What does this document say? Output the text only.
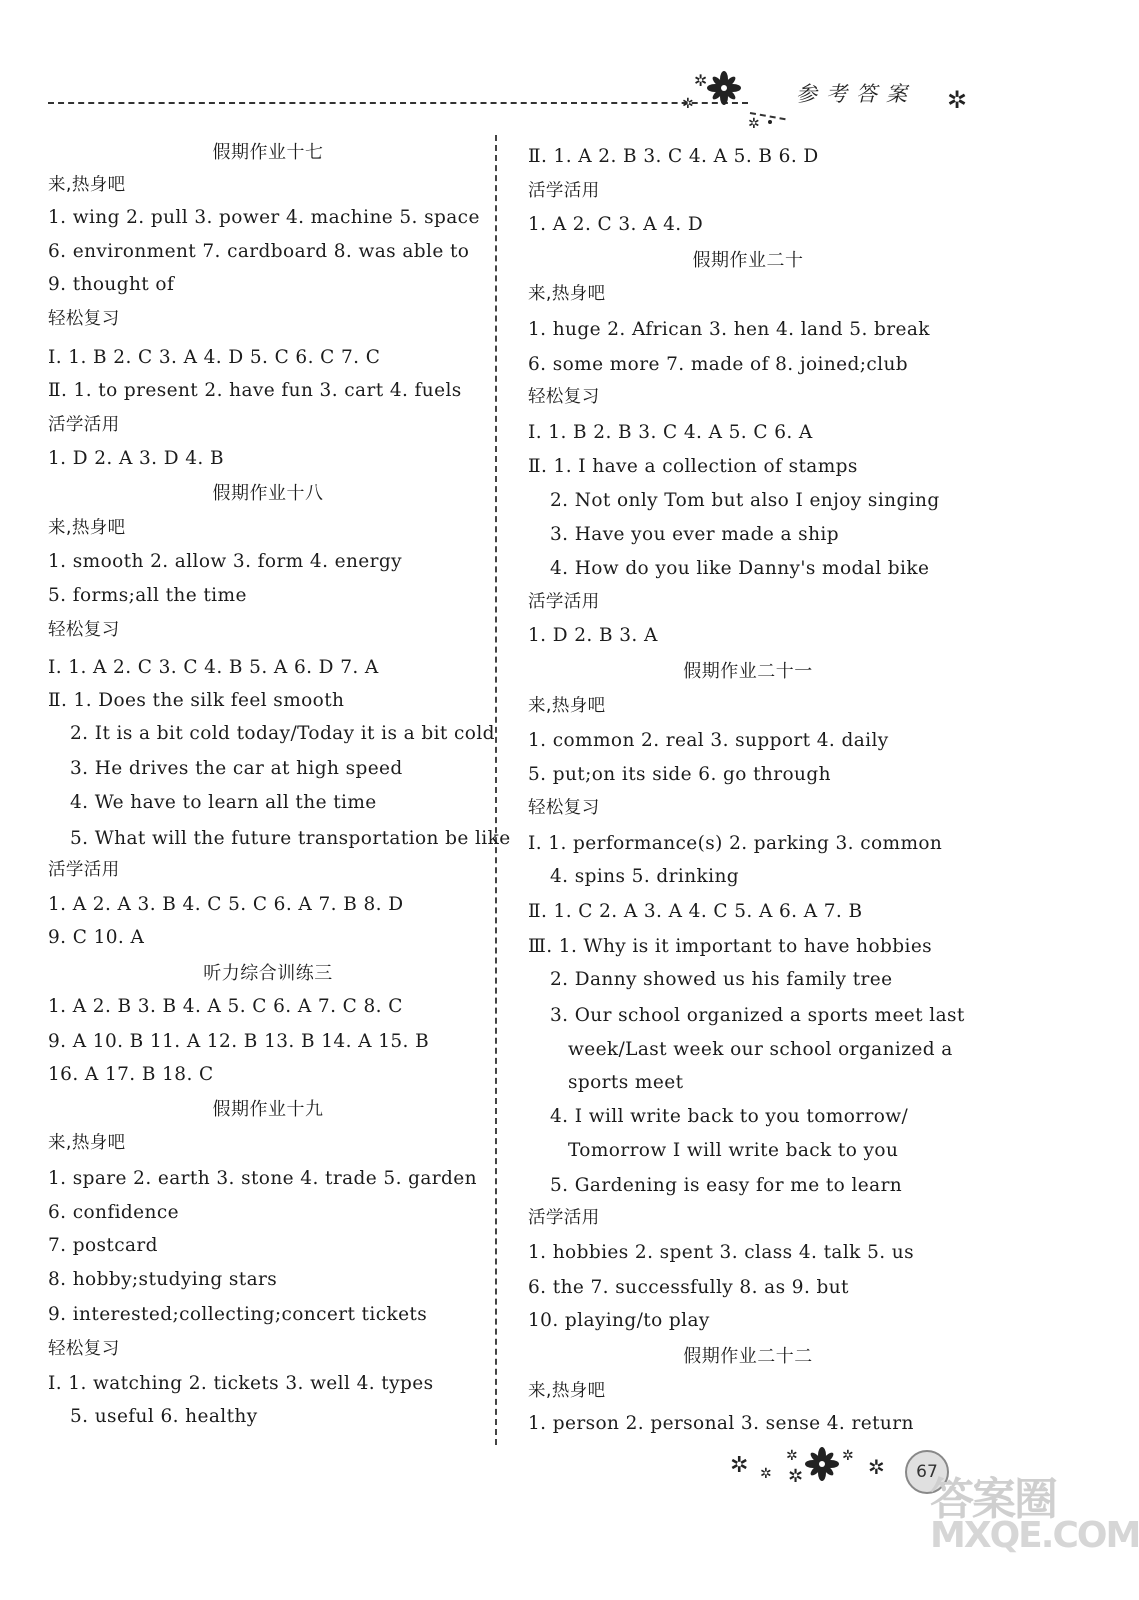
✲
✲	参考答案 ✲
✲
假期作业十七
来,热身吧
1. wing 2. pull 3. power 4. machine 5. space
6. environment 7. cardboard 8. was able to
9. thought of
轻松复习
Ⅰ. 1. B 2. C 3. A 4. D 5. C 6. C 7. C
Ⅱ. 1. to present 2. have fun 3. cart 4. fuels
活学活用
1. D 2. A 3. D 4. B
假期作业十八
来,热身吧
1. smooth 2. allow 3. form 4. energy
5. forms;all the time
轻松复习
Ⅰ. 1. A 2. C 3. C 4. B 5. A 6. D 7. A
Ⅱ. 1. Does the silk feel smooth
2. It is a bit cold today/Today it is a bit cold
3. He drives the car at high speed
4. We have to learn all the time
5. What will the future transportation be like
活学活用
1. A 2. A 3. B 4. C 5. C 6. A 7. B 8. D
9. C 10. A
听力综合训练三
1. A 2. B 3. B 4. A 5. C 6. A 7. C 8. C
9. A 10. B 11. A 12. B 13. B 14. A 15. B
16. A 17. B 18. C
假期作业十九
来,热身吧
1. spare 2. earth 3. stone 4. trade 5. garden
6. confidence
7. postcard
8. hobby;studying stars
9. interested;collecting;concert tickets
轻松复习
Ⅰ. 1. watching 2. tickets 3. well 4. types
5. useful 6. healthy
Ⅱ. 1. A 2. B 3. C 4. A 5. B 6. D
活学活用
1. A 2. C 3. A 4. D
假期作业二十
来,热身吧
1. huge 2. African 3. hen 4. land 5. break
6. some more 7. made of 8. joined;club
轻松复习
Ⅰ. 1. B 2. B 3. C 4. A 5. C 6. A
Ⅱ. 1. I have a collection of stamps
2. Not only Tom but also I enjoy singing
3. Have you ever made a ship
4. How do you like Danny's modal bike
活学活用
1. D 2. B 3. A
假期作业二十一
来,热身吧
1. common 2. real 3. support 4. daily
5. put;on its side 6. go through
轻松复习
Ⅰ. 1. performance(s) 2. parking 3. common
4. spins 5. drinking
Ⅱ. 1. C 2. A 3. A 4. C 5. A 6. A 7. B
Ⅲ. 1. Why is it important to have hobbies
2. Danny showed us his family tree
3. Our school organized a sports meet last
week/Last week our school organized a
sports meet
4. I will write back to you tomorrow/
Tomorrow I will write back to you
5. Gardening is easy for me to learn
活学活用
1. hobbies 2. spent 3. class 4. talk 5. us
6. the 7. successfully 8. as 9. but
10. playing/to play
假期作业二十二
来,热身吧
1. person 2. personal 3. sense 4. return
✲ ✲
✲
✲
✲ ✲	67
答案圈
MXQE.COM
